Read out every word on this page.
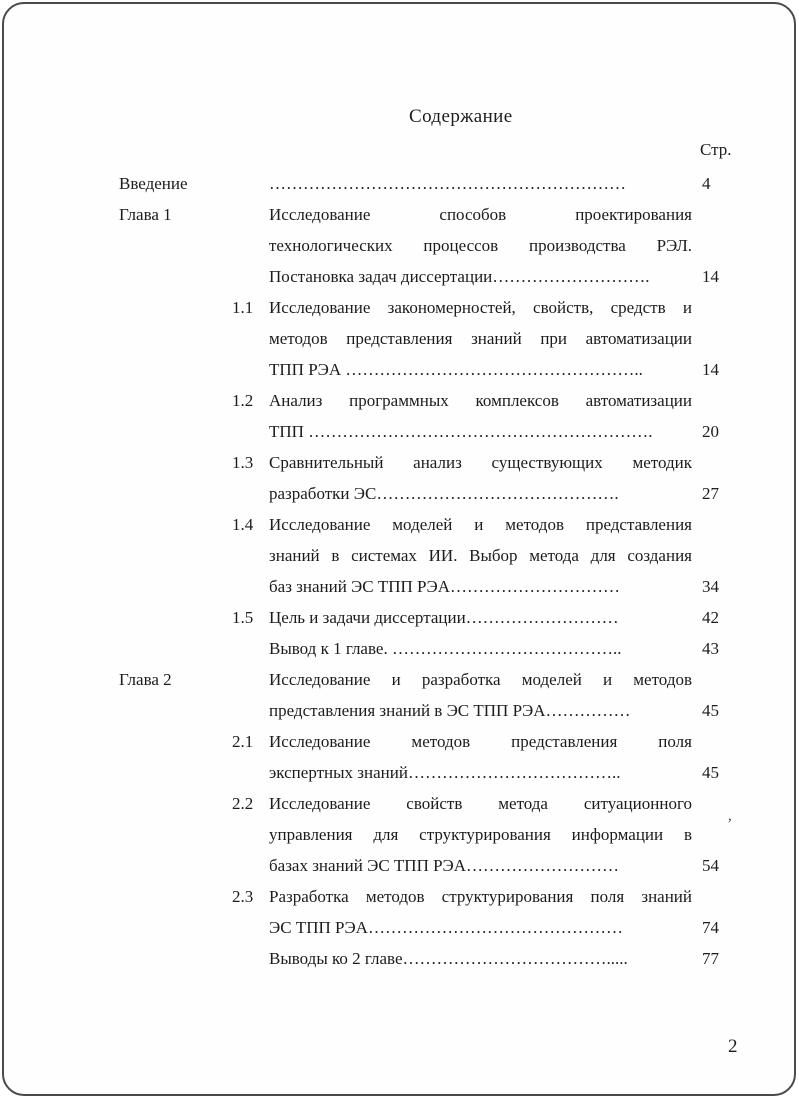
Содержание
Стр.
Введение	………………………………………………………	4
Глава 1	Исследование способов проектирования
технологических процессов производства РЭЛ.
Постановка задач диссертации……………………….	14
1.1 Исследование закономерностей, свойств, средств и
методов представления знаний при автоматизации
ТПП РЭА ……………………………………………..	14
1.2 Анализ программных комплексов автоматизации
ТПП …………………………………………………….	20
1.3 Сравнительный анализ существующих методик
разработки ЭС…………………………………….	27
1.4 Исследование моделей и методов представления
знаний в системах ИИ. Выбор метода для создания
баз знаний ЭС ТПП РЭА…………………………	34
1.5 Цель и задачи диссертации………………………	42
Вывод к 1 главе. …………………………………..	43
Глава 2	Исследование и разработка моделей и методов
представления знаний в ЭС ТПП РЭА……………	45
2.1 Исследование методов представления поля
экспертных знаний………………………………..	45
2.2 Исследование свойств метода ситуационного
управления для структурирования информации в
базах знаний ЭС ТПП РЭА………………………	54
2.3 Разработка методов структурирования поля знаний
ЭС ТПП РЭА………………………………………	74
Выводы ко 2 главе……………………………….....	77
,
2
